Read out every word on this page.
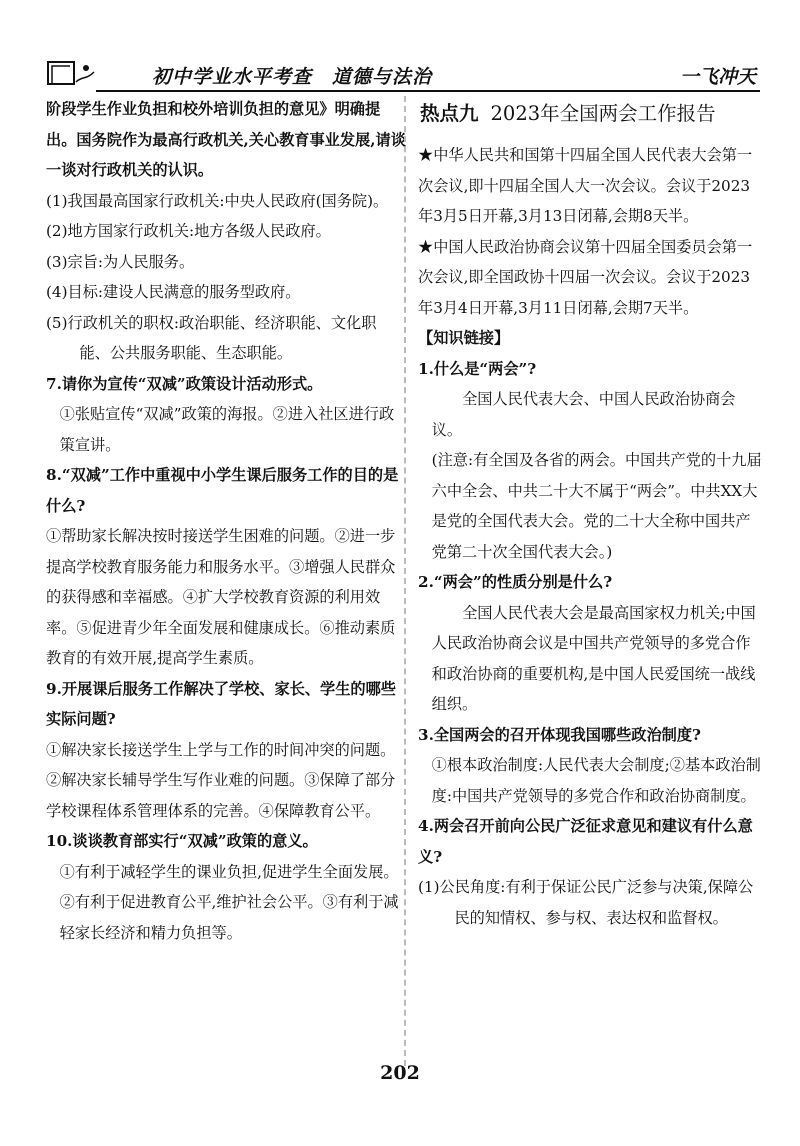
初中学业水平考查　道德与法治	一飞冲天

阶段学生作业负担和校外培训负担的意见》明确提出。国务院作为最高行政机关,关心教育事业发展,请谈一谈对行政机关的认识。

(1)我国最高国家行政机关:中央人民政府(国务院)。

(2)地方国家行政机关:地方各级人民政府。

(3)宗旨:为人民服务。

(4)目标:建设人民满意的服务型政府。

(5)行政机关的职权:政治职能、经济职能、文化职能、公共服务职能、生态职能。

7.请你为宣传“双减”政策设计活动形式。

①张贴宣传“双减”政策的海报。②进入社区进行政策宣讲。

8.“双减”工作中重视中小学生课后服务工作的目的是什么?

①帮助家长解决按时接送学生困难的问题。②进一步提高学校教育服务能力和服务水平。③增强人民群众的获得感和幸福感。④扩大学校教育资源的利用效率。⑤促进青少年全面发展和健康成长。⑥推动素质教育的有效开展,提高学生素质。

9.开展课后服务工作解决了学校、家长、学生的哪些实际问题?

①解决家长接送学生上学与工作的时间冲突的问题。②解决家长辅导学生写作业难的问题。③保障了部分学校课程体系管理体系的完善。④保障教育公平。

10.谈谈教育部实行“双减”政策的意义。

①有利于减轻学生的课业负担,促进学生全面发展。②有利于促进教育公平,维护社会公平。③有利于减轻家长经济和精力负担等。

热点九 2023年全国两会工作报告

★中华人民共和国第十四届全国人民代表大会第一次会议,即十四届全国人大一次会议。会议于2023年3月5日开幕,3月13日闭幕,会期8天半。

★中国人民政治协商会议第十四届全国委员会第一次会议,即全国政协十四届一次会议。会议于2023年3月4日开幕,3月11日闭幕,会期7天半。

【知识链接】

1.什么是“两会”?

全国人民代表大会、中国人民政治协商会议。

(注意:有全国及各省的两会。中国共产党的十九届六中全会、中共二十大不属于“两会”。中共XX大是党的全国代表大会。党的二十大全称中国共产党第二十次全国代表大会。)

2.“两会”的性质分别是什么?

全国人民代表大会是最高国家权力机关;中国人民政治协商会议是中国共产党领导的多党合作和政治协商的重要机构,是中国人民爱国统一战线组织。

3.全国两会的召开体现我国哪些政治制度?

①根本政治制度:人民代表大会制度;②基本政治制度:中国共产党领导的多党合作和政治协商制度。

4.两会召开前向公民广泛征求意见和建议有什么意义?

(1)公民角度:有利于保证公民广泛参与决策,保障公民的知情权、参与权、表达权和监督权。

202
